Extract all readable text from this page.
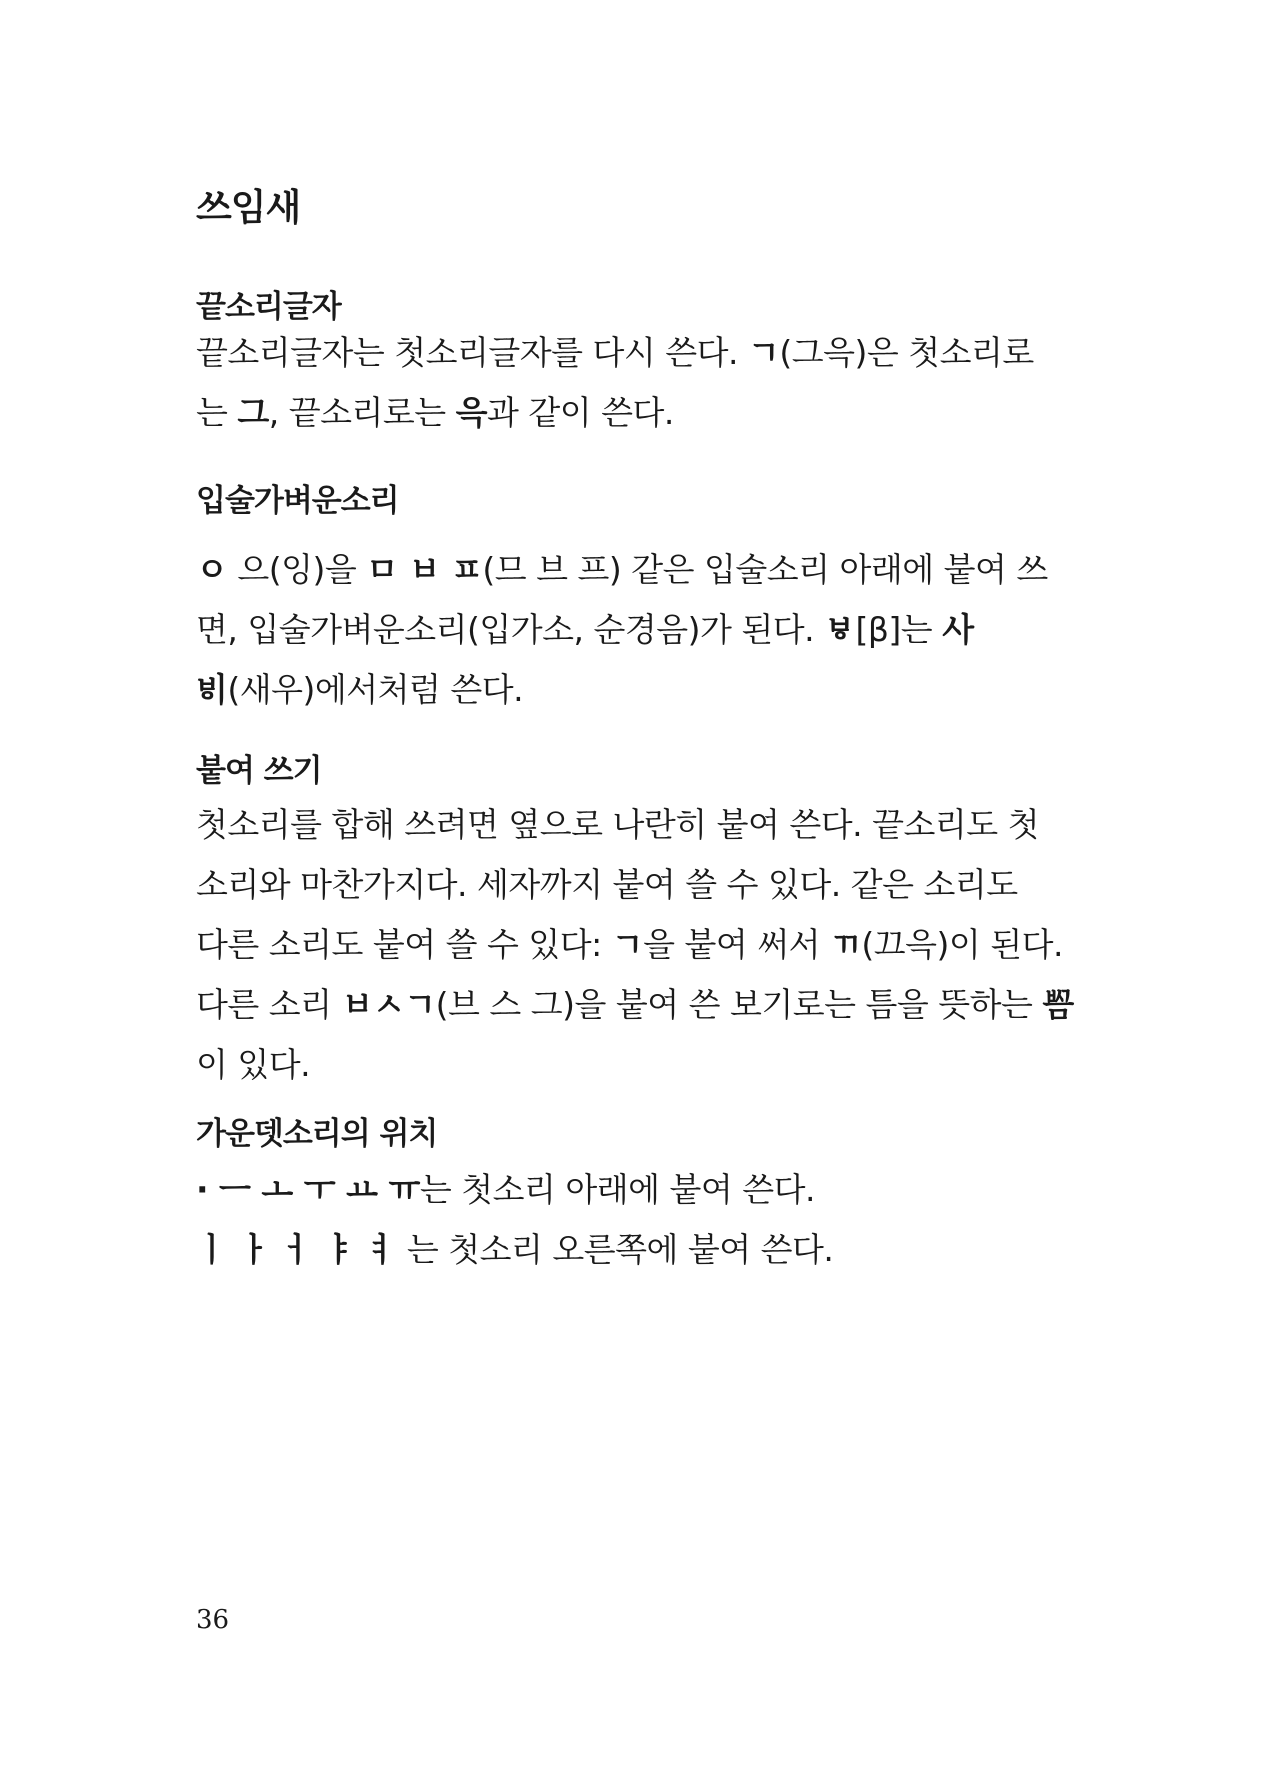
쓰임새
끝소리글자
끝소리글자는 첫소리글자를 다시 쓴다. ㄱ(그윽)은 첫소리로
는 그, 끝소리로는 윽과 같이 쓴다.
입술가벼운소리
ㅇ 으(잉)을 ㅁ ㅂ ㅍ(므 브 프) 같은 입술소리 아래에 붙여 쓰
면, 입술가벼운소리(입가소, 순경음)가 된다. ㅸ[β]는 사
ᄫᅵ(새우)에서처럼 쓴다.
붙여 쓰기
첫소리를 합해 쓰려면 옆으로 나란히 붙여 쓴다. 끝소리도 첫
소리와 마찬가지다. 세자까지 붙여 쓸 수 있다. 같은 소리도
다른 소리도 붙여 쓸 수 있다: ㄱ을 붙여 써서 ㄲ(끄윽)이 된다.
다른 소리 ㅂㅅㄱ(브 스 그)을 붙여 쓴 보기로는 틈을 뜻하는 ᄢᅳᆷ
이 있다.
가운뎃소리의 위치
· ㅡ ㅗ ㅜ ㅛ ㅠ는 첫소리 아래에 붙여 쓴다.
ㅣ ㅏ ㅓ ㅑ ㅕ 는 첫소리 오른쪽에 붙여 쓴다.
36
